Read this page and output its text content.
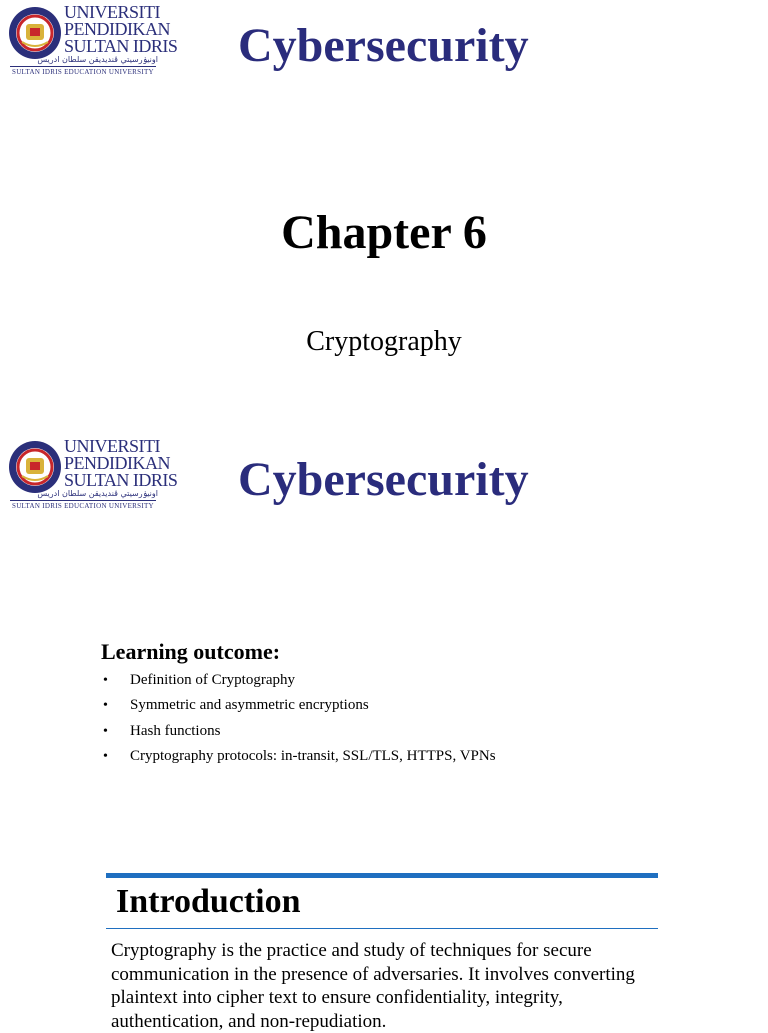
UNIVERSITI
PENDIDIKAN
SULTAN IDRIS
اونيۏرسيتي ڤنديديقن سلطان ادريس
SULTAN IDRIS EDUCATION UNIVERSITY Cybersecurity
Chapter 6
Cryptography
UNIVERSITI
PENDIDIKAN
SULTAN IDRIS
اونيۏرسيتي ڤنديديقن سلطان ادريس
SULTAN IDRIS EDUCATION UNIVERSITY Cybersecurity
Learning outcome:
• Definition of Cryptography
• Symmetric and asymmetric encryptions
• Hash functions
• Cryptography protocols: in-transit, SSL/TLS, HTTPS, VPNs
Introduction

Cryptography is the practice and study of techniques for secure communication in the presence of adversaries. It involves converting plaintext into cipher text to ensure confidentiality, integrity, authentication, and non-repudiation.
